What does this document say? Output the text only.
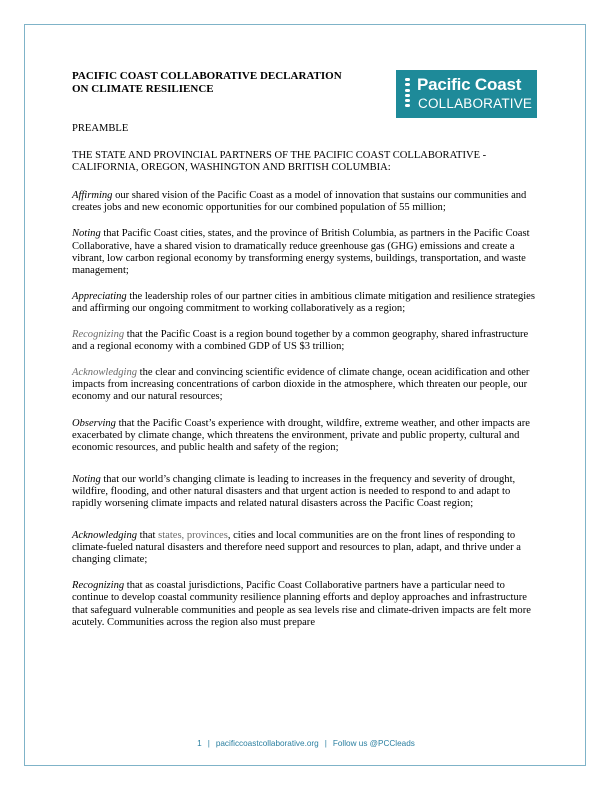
Pacific Coast
COLLABORATIVE
PACIFIC COAST COLLABORATIVE DECLARATION
ON CLIMATE RESILIENCE
PREAMBLE
THE STATE AND PROVINCIAL PARTNERS OF THE PACIFIC COAST COLLABORATIVE - CALIFORNIA, OREGON, WASHINGTON AND BRITISH COLUMBIA:
Affirming our shared vision of the Pacific Coast as a model of innovation that sustains our communities and creates jobs and new economic opportunities for our combined population of 55 million;
Noting that Pacific Coast cities, states, and the province of British Columbia, as partners in the Pacific Coast Collaborative, have a shared vision to dramatically reduce greenhouse gas (GHG) emissions and create a vibrant, low carbon regional economy by transforming energy systems, buildings, transportation, and waste management;
Appreciating the leadership roles of our partner cities in ambitious climate mitigation and resilience strategies and affirming our ongoing commitment to working collaboratively as a region;
Recognizing that the Pacific Coast is a region bound together by a common geography, shared infrastructure and a regional economy with a combined GDP of US $3 trillion;
Acknowledging the clear and convincing scientific evidence of climate change, ocean acidification and other impacts from increasing concentrations of carbon dioxide in the atmosphere, which threaten our people, our economy and our natural resources;
Observing that the Pacific Coast’s experience with drought, wildfire, extreme weather, and other impacts are exacerbated by climate change, which threatens the environment, private and public property, cultural and economic resources, and public health and safety of the region;
Noting that our world’s changing climate is leading to increases in the frequency and severity of drought, wildfire, flooding, and other natural disasters and that urgent action is needed to respond to and adapt to rapidly worsening climate impacts and related natural disasters across the Pacific Coast region;
Acknowledging that states, provinces, cities and local communities are on the front lines of responding to climate-fueled natural disasters and therefore need support and resources to plan, adapt, and thrive under a changing climate;
Recognizing that as coastal jurisdictions, Pacific Coast Collaborative partners have a particular need to continue to develop coastal community resilience planning efforts and deploy approaches and infrastructure that safeguard vulnerable communities and people as sea levels rise and climate-driven impacts are felt more acutely. Communities across the region also must prepare
1 | pacificcoastcollaborative.org | Follow us @PCCleads
